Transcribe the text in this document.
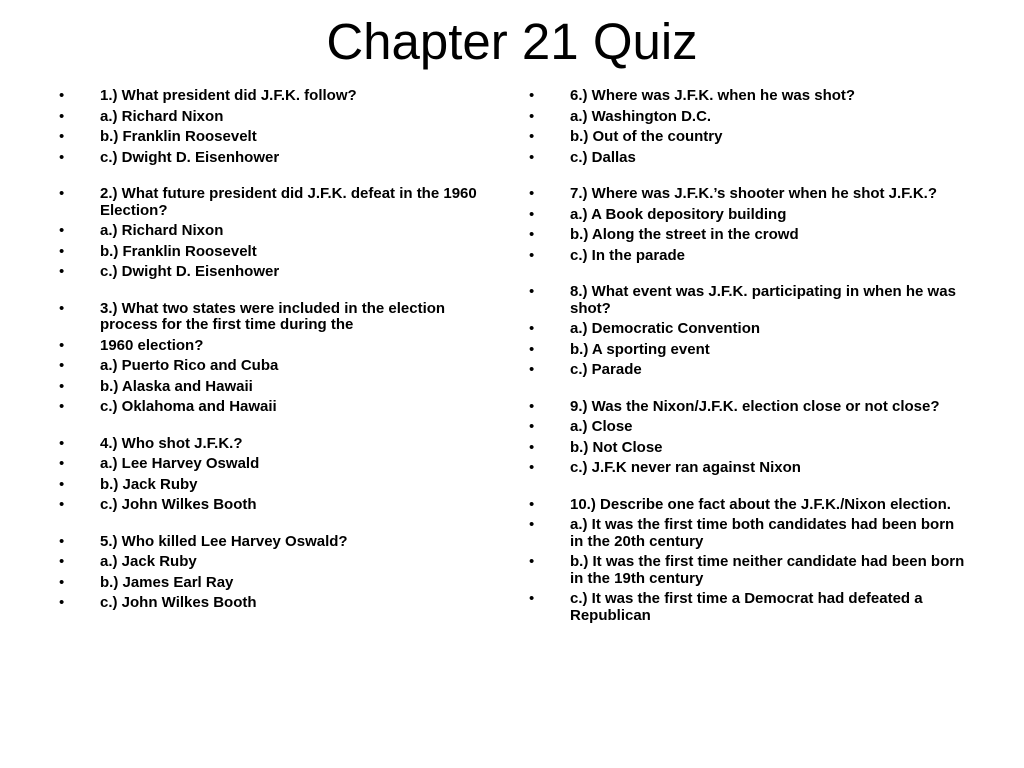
Chapter 21 Quiz
• 1.) What president did J.F.K. follow?
• a.) Richard Nixon
• b.) Franklin Roosevelt
• c.) Dwight D. Eisenhower
• 2.) What future president did J.F.K. defeat in the 1960 Election?
• a.) Richard Nixon
• b.) Franklin Roosevelt
• c.) Dwight D. Eisenhower
• 3.) What two states were included in the election process for the first time during the
• 1960 election?
• a.) Puerto Rico and Cuba
• b.) Alaska and Hawaii
• c.) Oklahoma and Hawaii
• 4.) Who shot J.F.K.?
• a.) Lee Harvey Oswald
• b.) Jack Ruby
• c.) John Wilkes Booth
• 5.) Who killed Lee Harvey Oswald?
• a.) Jack Ruby
• b.) James Earl Ray
• c.) John Wilkes Booth
• 6.) Where was J.F.K. when he was shot?
• a.) Washington D.C.
• b.) Out of the country
• c.) Dallas
• 7.) Where was J.F.K.’s shooter when he shot J.F.K.?
• a.) A Book depository building
• b.) Along the street in the crowd
• c.) In the parade
• 8.) What event was J.F.K. participating in when he was shot?
• a.) Democratic Convention
• b.) A sporting event
• c.) Parade
• 9.) Was the Nixon/J.F.K. election close or not close?
• a.) Close
• b.) Not Close
• c.) J.F.K never ran against Nixon
• 10.) Describe one fact about the J.F.K./Nixon election.
• a.) It was the first time both candidates had been born in the 20th century
• b.) It was the first time neither candidate had been born in the 19th century
• c.) It was the first time a Democrat had defeated a Republican
